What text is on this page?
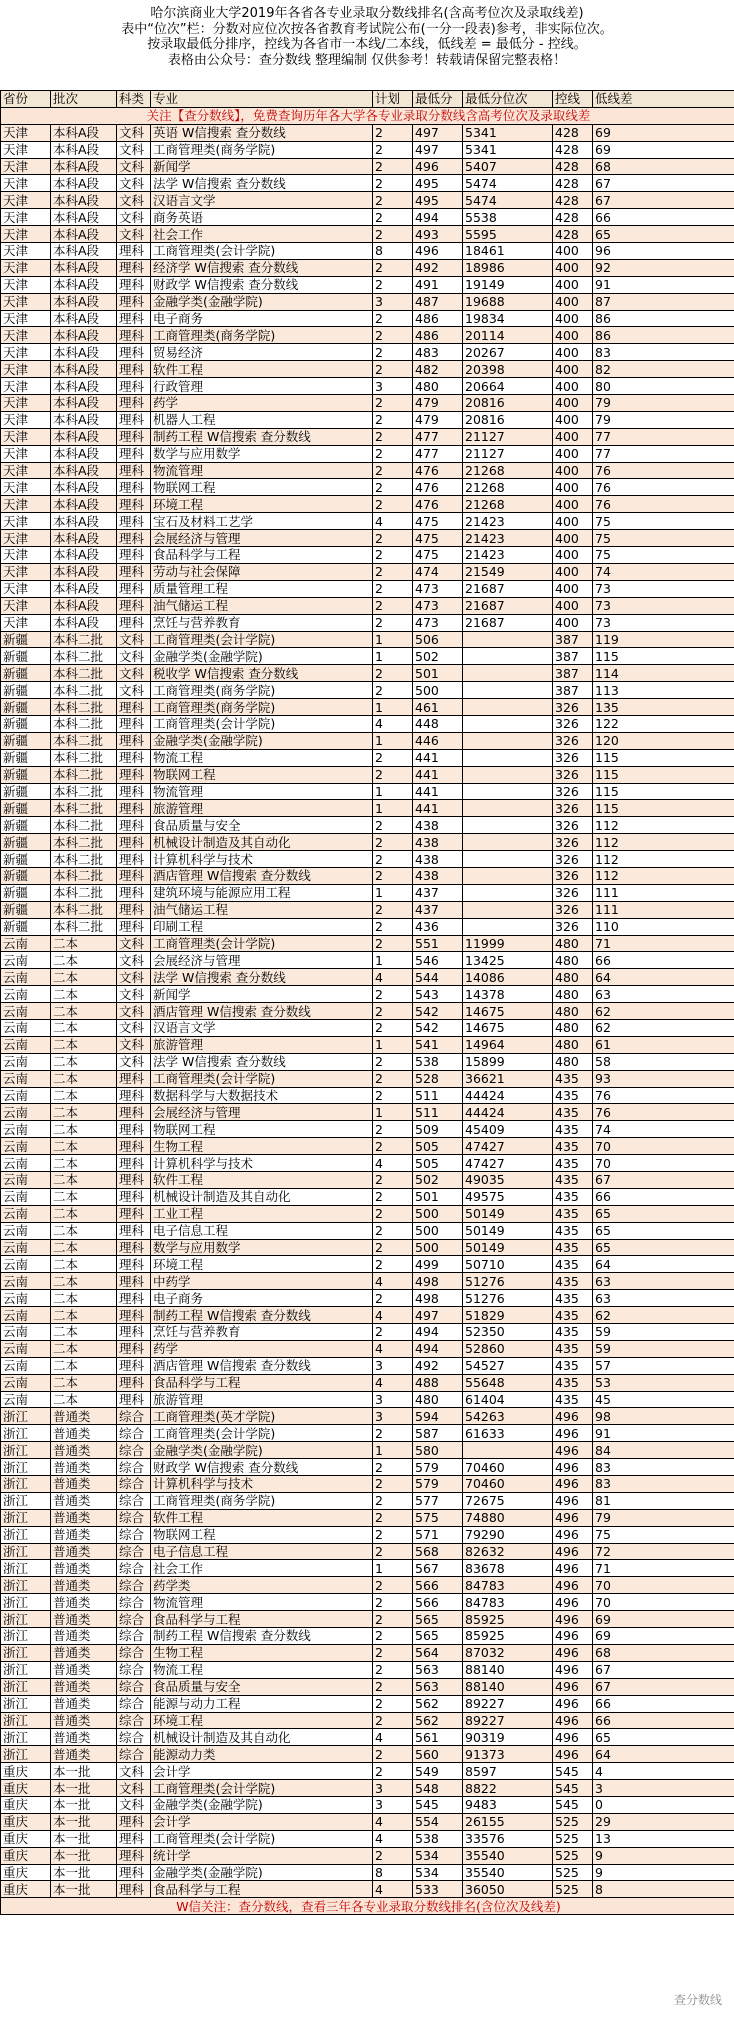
哈尔滨商业大学2019年各省各专业录取分数线排名(含高考位次及录取线差)
表中“位次”栏：分数对应位次按各省教育考试院公布(一分一段表)参考，非实际位次。
按录取最低分排序，控线为各省市一本线/二本线，低线差 = 最低分 - 控线。
表格由公众号：查分数线 整理编制 仅供参考！转载请保留完整表格！
省份	批次	科类	专业	计划	最低分	最低分位次	控线	低线差
关注【查分数线】，免费查询历年各大学各专业录取分数线含高考位次及录取线差								
天津	本科A段	文科	英语 W信搜索 查分数线	2	497	5341	428	69
天津	本科A段	文科	工商管理类(商务学院)	2	497	5341	428	69
天津	本科A段	文科	新闻学	2	496	5407	428	68
天津	本科A段	文科	法学 W信搜索 查分数线	2	495	5474	428	67
天津	本科A段	文科	汉语言文学	2	495	5474	428	67
天津	本科A段	文科	商务英语	2	494	5538	428	66
天津	本科A段	文科	社会工作	2	493	5595	428	65
天津	本科A段	理科	工商管理类(会计学院)	8	496	18461	400	96
天津	本科A段	理科	经济学 W信搜索 查分数线	2	492	18986	400	92
天津	本科A段	理科	财政学 W信搜索 查分数线	2	491	19149	400	91
天津	本科A段	理科	金融学类(金融学院)	3	487	19688	400	87
天津	本科A段	理科	电子商务	2	486	19834	400	86
天津	本科A段	理科	工商管理类(商务学院)	2	486	20114	400	86
天津	本科A段	理科	贸易经济	2	483	20267	400	83
天津	本科A段	理科	软件工程	2	482	20398	400	82
天津	本科A段	理科	行政管理	3	480	20664	400	80
天津	本科A段	理科	药学	2	479	20816	400	79
天津	本科A段	理科	机器人工程	2	479	20816	400	79
天津	本科A段	理科	制药工程 W信搜索 查分数线	2	477	21127	400	77
天津	本科A段	理科	数学与应用数学	2	477	21127	400	77
天津	本科A段	理科	物流管理	2	476	21268	400	76
天津	本科A段	理科	物联网工程	2	476	21268	400	76
天津	本科A段	理科	环境工程	2	476	21268	400	76
天津	本科A段	理科	宝石及材料工艺学	4	475	21423	400	75
天津	本科A段	理科	会展经济与管理	2	475	21423	400	75
天津	本科A段	理科	食品科学与工程	2	475	21423	400	75
天津	本科A段	理科	劳动与社会保障	2	474	21549	400	74
天津	本科A段	理科	质量管理工程	2	473	21687	400	73
天津	本科A段	理科	油气储运工程	2	473	21687	400	73
天津	本科A段	理科	烹饪与营养教育	2	473	21687	400	73
新疆	本科二批	文科	工商管理类(会计学院)	1	506		387	119
新疆	本科二批	文科	金融学类(金融学院)	1	502		387	115
新疆	本科二批	文科	税收学 W信搜索 查分数线	2	501		387	114
新疆	本科二批	文科	工商管理类(商务学院)	2	500		387	113
新疆	本科二批	理科	工商管理类(商务学院)	1	461		326	135
新疆	本科二批	理科	工商管理类(会计学院)	4	448		326	122
新疆	本科二批	理科	金融学类(金融学院)	1	446		326	120
新疆	本科二批	理科	物流工程	2	441		326	115
新疆	本科二批	理科	物联网工程	2	441		326	115
新疆	本科二批	理科	物流管理	1	441		326	115
新疆	本科二批	理科	旅游管理	1	441		326	115
新疆	本科二批	理科	食品质量与安全	2	438		326	112
新疆	本科二批	理科	机械设计制造及其自动化	2	438		326	112
新疆	本科二批	理科	计算机科学与技术	2	438		326	112
新疆	本科二批	理科	酒店管理 W信搜索 查分数线	2	438		326	112
新疆	本科二批	理科	建筑环境与能源应用工程	1	437		326	111
新疆	本科二批	理科	油气储运工程	2	437		326	111
新疆	本科二批	理科	印刷工程	2	436		326	110
云南	二本	文科	工商管理类(会计学院)	2	551	11999	480	71
云南	二本	文科	会展经济与管理	1	546	13425	480	66
云南	二本	文科	法学 W信搜索 查分数线	4	544	14086	480	64
云南	二本	文科	新闻学	2	543	14378	480	63
云南	二本	文科	酒店管理 W信搜索 查分数线	2	542	14675	480	62
云南	二本	文科	汉语言文学	2	542	14675	480	62
云南	二本	文科	旅游管理	1	541	14964	480	61
云南	二本	文科	法学 W信搜索 查分数线	2	538	15899	480	58
云南	二本	理科	工商管理类(会计学院)	2	528	36621	435	93
云南	二本	理科	数据科学与大数据技术	2	511	44424	435	76
云南	二本	理科	会展经济与管理	1	511	44424	435	76
云南	二本	理科	物联网工程	2	509	45409	435	74
云南	二本	理科	生物工程	2	505	47427	435	70
云南	二本	理科	计算机科学与技术	4	505	47427	435	70
云南	二本	理科	软件工程	2	502	49035	435	67
云南	二本	理科	机械设计制造及其自动化	2	501	49575	435	66
云南	二本	理科	工业工程	2	500	50149	435	65
云南	二本	理科	电子信息工程	2	500	50149	435	65
云南	二本	理科	数学与应用数学	2	500	50149	435	65
云南	二本	理科	环境工程	2	499	50710	435	64
云南	二本	理科	中药学	4	498	51276	435	63
云南	二本	理科	电子商务	2	498	51276	435	63
云南	二本	理科	制药工程 W信搜索 查分数线	4	497	51829	435	62
云南	二本	理科	烹饪与营养教育	2	494	52350	435	59
云南	二本	理科	药学	4	494	52860	435	59
云南	二本	理科	酒店管理 W信搜索 查分数线	3	492	54527	435	57
云南	二本	理科	食品科学与工程	4	488	55648	435	53
云南	二本	理科	旅游管理	3	480	61404	435	45
浙江	普通类	综合	工商管理类(英才学院)	3	594	54263	496	98
浙江	普通类	综合	工商管理类(会计学院)	2	587	61633	496	91
浙江	普通类	综合	金融学类(金融学院)	1	580		496	84
浙江	普通类	综合	财政学 W信搜索 查分数线	2	579	70460	496	83
浙江	普通类	综合	计算机科学与技术	2	579	70460	496	83
浙江	普通类	综合	工商管理类(商务学院)	2	577	72675	496	81
浙江	普通类	综合	软件工程	2	575	74880	496	79
浙江	普通类	综合	物联网工程	2	571	79290	496	75
浙江	普通类	综合	电子信息工程	2	568	82632	496	72
浙江	普通类	综合	社会工作	1	567	83678	496	71
浙江	普通类	综合	药学类	2	566	84783	496	70
浙江	普通类	综合	物流管理	2	566	84783	496	70
浙江	普通类	综合	食品科学与工程	2	565	85925	496	69
浙江	普通类	综合	制药工程 W信搜索 查分数线	2	565	85925	496	69
浙江	普通类	综合	生物工程	2	564	87032	496	68
浙江	普通类	综合	物流工程	2	563	88140	496	67
浙江	普通类	综合	食品质量与安全	2	563	88140	496	67
浙江	普通类	综合	能源与动力工程	2	562	89227	496	66
浙江	普通类	综合	环境工程	2	562	89227	496	66
浙江	普通类	综合	机械设计制造及其自动化	4	561	90319	496	65
浙江	普通类	综合	能源动力类	2	560	91373	496	64
重庆	本一批	文科	会计学	2	549	8597	545	4
重庆	本一批	文科	工商管理类(会计学院)	3	548	8822	545	3
重庆	本一批	文科	金融学类(金融学院)	3	545	9483	545	0
重庆	本一批	理科	会计学	4	554	26155	525	29
重庆	本一批	理科	工商管理类(会计学院)	4	538	33576	525	13
重庆	本一批	理科	统计学	2	534	35540	525	9
重庆	本一批	理科	金融学类(金融学院)	8	534	35540	525	9
重庆	本一批	理科	食品科学与工程	4	533	36050	525	8
W信关注：查分数线，查看三年各专业录取分数线排名(含位次及线差)								
查分数线
